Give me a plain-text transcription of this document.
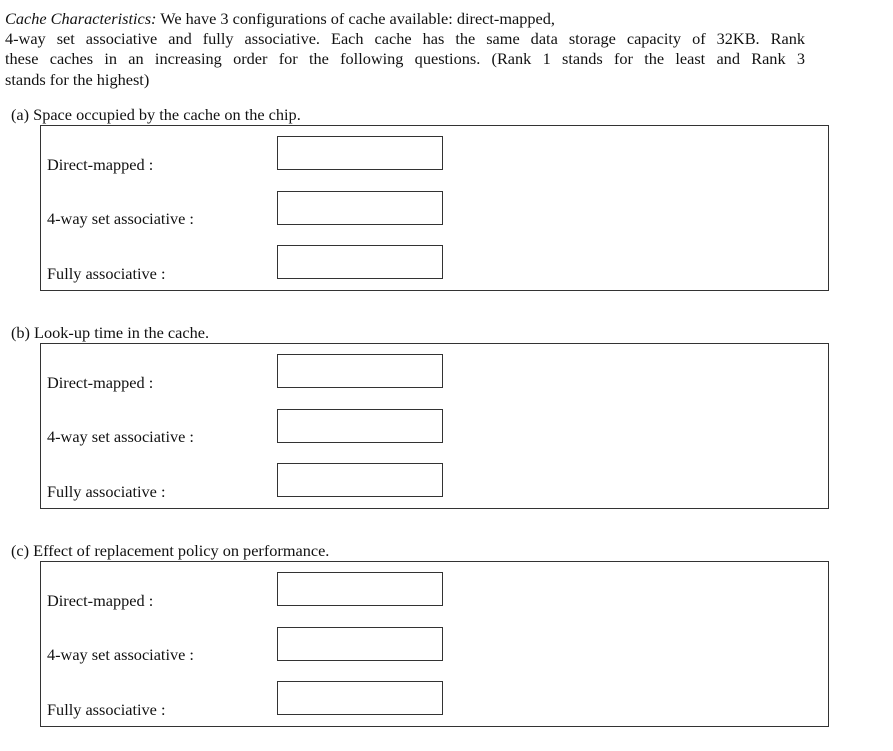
Cache Characteristics: We have 3 configurations of cache available: direct-mapped,

4-way set associative and fully associative. Each cache has the same data storage capacity of 32KB. Rank

these caches in an increasing order for the following questions. (Rank 1 stands for the least and Rank 3

stands for the highest)

(a) Space occupied by the cache on the chip.

Direct-mapped :
4-way set associative :
Fully associative :

(b) Look-up time in the cache.

Direct-mapped :
4-way set associative :
Fully associative :

(c) Effect of replacement policy on performance.

Direct-mapped :
4-way set associative :
Fully associative :
